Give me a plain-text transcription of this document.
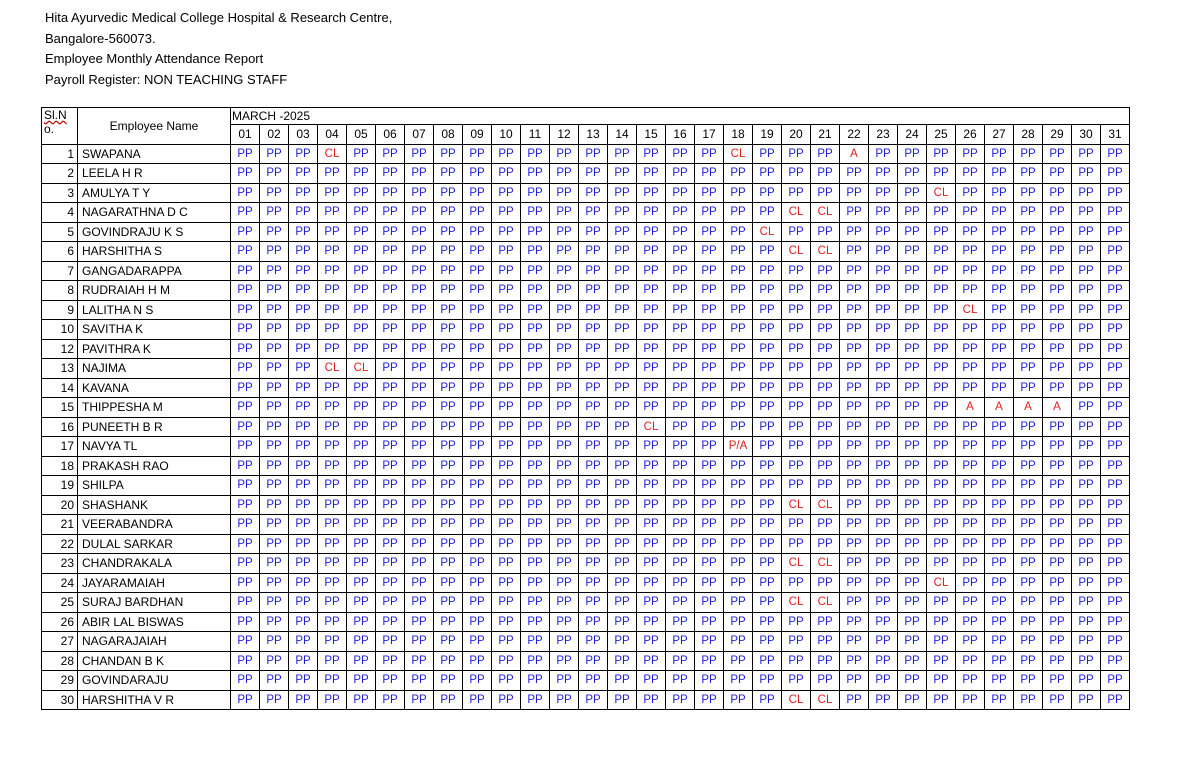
Hita Ayurvedic Medical College Hospital & Research Centre,
Bangalore-560073.
Employee Monthly Attendance Report
Payroll Register: NON TEACHING STAFF
Sl.N
o.	Employee Name	MARCH -2025																														
		01	02	03	04	05	06	07	08	09	10	11	12	13	14	15	16	17	18	19	20	21	22	23	24	25	26	27	28	29	30	31
1	SWAPANA	PP	PP	PP	CL	PP	PP	PP	PP	PP	PP	PP	PP	PP	PP	PP	PP	PP	CL	PP	PP	PP	A	PP	PP	PP	PP	PP	PP	PP	PP	PP
2	LEELA H R	PP	PP	PP	PP	PP	PP	PP	PP	PP	PP	PP	PP	PP	PP	PP	PP	PP	PP	PP	PP	PP	PP	PP	PP	PP	PP	PP	PP	PP	PP	PP
3	AMULYA T Y	PP	PP	PP	PP	PP	PP	PP	PP	PP	PP	PP	PP	PP	PP	PP	PP	PP	PP	PP	PP	PP	PP	PP	PP	CL	PP	PP	PP	PP	PP	PP
4	NAGARATHNA D C	PP	PP	PP	PP	PP	PP	PP	PP	PP	PP	PP	PP	PP	PP	PP	PP	PP	PP	PP	CL	CL	PP	PP	PP	PP	PP	PP	PP	PP	PP	PP
5	GOVINDRAJU K S	PP	PP	PP	PP	PP	PP	PP	PP	PP	PP	PP	PP	PP	PP	PP	PP	PP	PP	CL	PP	PP	PP	PP	PP	PP	PP	PP	PP	PP	PP	PP
6	HARSHITHA S	PP	PP	PP	PP	PP	PP	PP	PP	PP	PP	PP	PP	PP	PP	PP	PP	PP	PP	PP	CL	CL	PP	PP	PP	PP	PP	PP	PP	PP	PP	PP
7	GANGADARAPPA	PP	PP	PP	PP	PP	PP	PP	PP	PP	PP	PP	PP	PP	PP	PP	PP	PP	PP	PP	PP	PP	PP	PP	PP	PP	PP	PP	PP	PP	PP	PP
8	RUDRAIAH H M	PP	PP	PP	PP	PP	PP	PP	PP	PP	PP	PP	PP	PP	PP	PP	PP	PP	PP	PP	PP	PP	PP	PP	PP	PP	PP	PP	PP	PP	PP	PP
9	LALITHA N S	PP	PP	PP	PP	PP	PP	PP	PP	PP	PP	PP	PP	PP	PP	PP	PP	PP	PP	PP	PP	PP	PP	PP	PP	PP	CL	PP	PP	PP	PP	PP
10	SAVITHA K	PP	PP	PP	PP	PP	PP	PP	PP	PP	PP	PP	PP	PP	PP	PP	PP	PP	PP	PP	PP	PP	PP	PP	PP	PP	PP	PP	PP	PP	PP	PP
12	PAVITHRA K	PP	PP	PP	PP	PP	PP	PP	PP	PP	PP	PP	PP	PP	PP	PP	PP	PP	PP	PP	PP	PP	PP	PP	PP	PP	PP	PP	PP	PP	PP	PP
13	NAJIMA	PP	PP	PP	CL	CL	PP	PP	PP	PP	PP	PP	PP	PP	PP	PP	PP	PP	PP	PP	PP	PP	PP	PP	PP	PP	PP	PP	PP	PP	PP	PP
14	KAVANA	PP	PP	PP	PP	PP	PP	PP	PP	PP	PP	PP	PP	PP	PP	PP	PP	PP	PP	PP	PP	PP	PP	PP	PP	PP	PP	PP	PP	PP	PP	PP
15	THIPPESHA M	PP	PP	PP	PP	PP	PP	PP	PP	PP	PP	PP	PP	PP	PP	PP	PP	PP	PP	PP	PP	PP	PP	PP	PP	PP	A	A	A	A	PP	PP
16	PUNEETH B R	PP	PP	PP	PP	PP	PP	PP	PP	PP	PP	PP	PP	PP	PP	CL	PP	PP	PP	PP	PP	PP	PP	PP	PP	PP	PP	PP	PP	PP	PP	PP
17	NAVYA TL	PP	PP	PP	PP	PP	PP	PP	PP	PP	PP	PP	PP	PP	PP	PP	PP	PP	P/A	PP	PP	PP	PP	PP	PP	PP	PP	PP	PP	PP	PP	PP
18	PRAKASH RAO	PP	PP	PP	PP	PP	PP	PP	PP	PP	PP	PP	PP	PP	PP	PP	PP	PP	PP	PP	PP	PP	PP	PP	PP	PP	PP	PP	PP	PP	PP	PP
19	SHILPA	PP	PP	PP	PP	PP	PP	PP	PP	PP	PP	PP	PP	PP	PP	PP	PP	PP	PP	PP	PP	PP	PP	PP	PP	PP	PP	PP	PP	PP	PP	PP
20	SHASHANK	PP	PP	PP	PP	PP	PP	PP	PP	PP	PP	PP	PP	PP	PP	PP	PP	PP	PP	PP	CL	CL	PP	PP	PP	PP	PP	PP	PP	PP	PP	PP
21	VEERABANDRA	PP	PP	PP	PP	PP	PP	PP	PP	PP	PP	PP	PP	PP	PP	PP	PP	PP	PP	PP	PP	PP	PP	PP	PP	PP	PP	PP	PP	PP	PP	PP
22	DULAL SARKAR	PP	PP	PP	PP	PP	PP	PP	PP	PP	PP	PP	PP	PP	PP	PP	PP	PP	PP	PP	PP	PP	PP	PP	PP	PP	PP	PP	PP	PP	PP	PP
23	CHANDRAKALA	PP	PP	PP	PP	PP	PP	PP	PP	PP	PP	PP	PP	PP	PP	PP	PP	PP	PP	PP	CL	CL	PP	PP	PP	PP	PP	PP	PP	PP	PP	PP
24	JAYARAMAIAH	PP	PP	PP	PP	PP	PP	PP	PP	PP	PP	PP	PP	PP	PP	PP	PP	PP	PP	PP	PP	PP	PP	PP	PP	CL	PP	PP	PP	PP	PP	PP
25	SURAJ BARDHAN	PP	PP	PP	PP	PP	PP	PP	PP	PP	PP	PP	PP	PP	PP	PP	PP	PP	PP	PP	CL	CL	PP	PP	PP	PP	PP	PP	PP	PP	PP	PP
26	ABIR LAL BISWAS	PP	PP	PP	PP	PP	PP	PP	PP	PP	PP	PP	PP	PP	PP	PP	PP	PP	PP	PP	PP	PP	PP	PP	PP	PP	PP	PP	PP	PP	PP	PP
27	NAGARAJAIAH	PP	PP	PP	PP	PP	PP	PP	PP	PP	PP	PP	PP	PP	PP	PP	PP	PP	PP	PP	PP	PP	PP	PP	PP	PP	PP	PP	PP	PP	PP	PP
28	CHANDAN B K	PP	PP	PP	PP	PP	PP	PP	PP	PP	PP	PP	PP	PP	PP	PP	PP	PP	PP	PP	PP	PP	PP	PP	PP	PP	PP	PP	PP	PP	PP	PP
29	GOVINDARAJU	PP	PP	PP	PP	PP	PP	PP	PP	PP	PP	PP	PP	PP	PP	PP	PP	PP	PP	PP	PP	PP	PP	PP	PP	PP	PP	PP	PP	PP	PP	PP
30	HARSHITHA V R	PP	PP	PP	PP	PP	PP	PP	PP	PP	PP	PP	PP	PP	PP	PP	PP	PP	PP	PP	CL	CL	PP	PP	PP	PP	PP	PP	PP	PP	PP	PP
